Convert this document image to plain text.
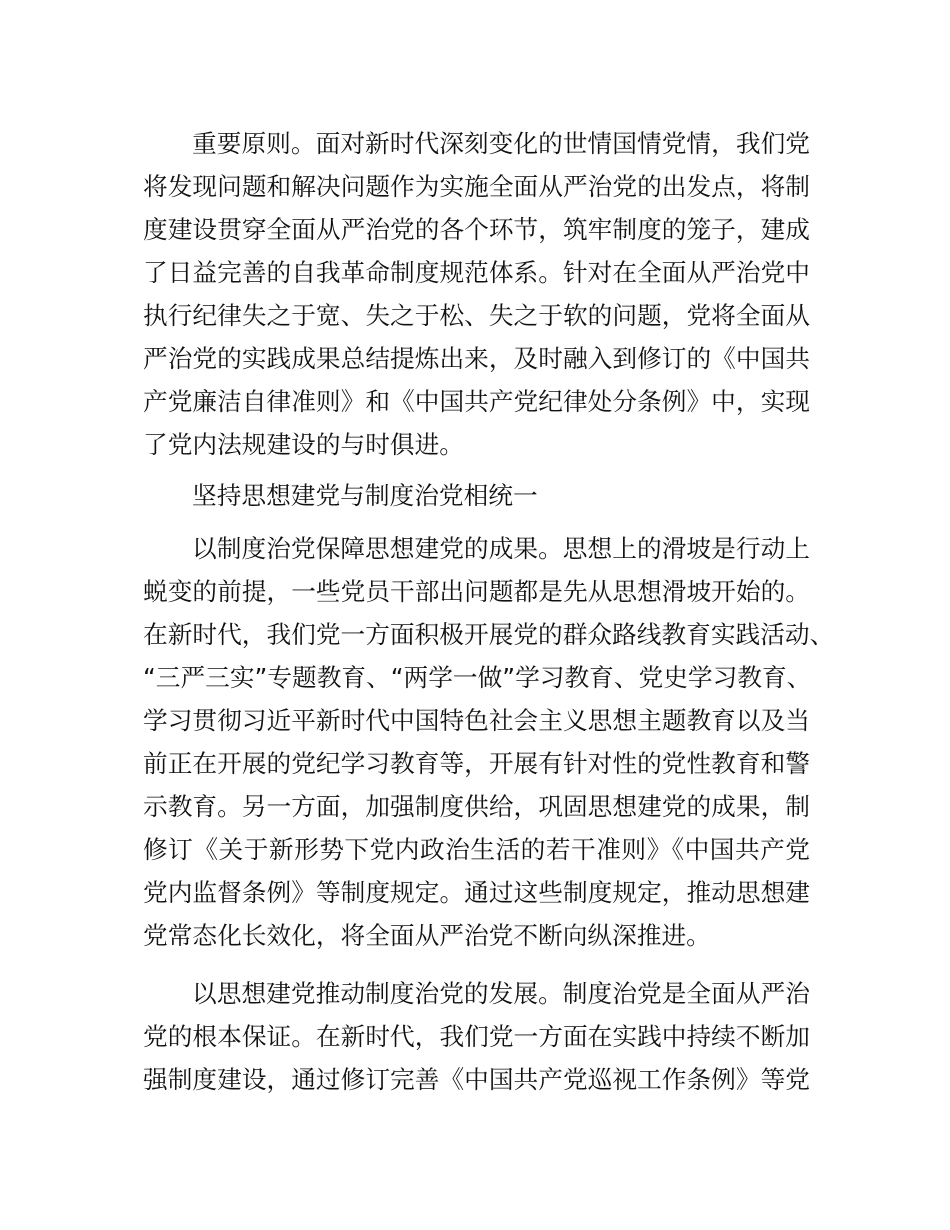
重要原则。面对新时代深刻变化的世情国情党情，我们党
将发现问题和解决问题作为实施全面从严治党的出发点，将制
度建设贯穿全面从严治党的各个环节，筑牢制度的笼子，建成
了日益完善的自我革命制度规范体系。针对在全面从严治党中
执行纪律失之于宽、失之于松、失之于软的问题，党将全面从
严治党的实践成果总结提炼出来，及时融入到修订的《中国共
产党廉洁自律准则》和《中国共产党纪律处分条例》中，实现
了党内法规建设的与时俱进。
坚持思想建党与制度治党相统一
以制度治党保障思想建党的成果。思想上的滑坡是行动上
蜕变的前提，一些党员干部出问题都是先从思想滑坡开始的。
在新时代，我们党一方面积极开展党的群众路线教育实践活动、
“三严三实”专题教育、“两学一做”学习教育、党史学习教育、
学习贯彻习近平新时代中国特色社会主义思想主题教育以及当
前正在开展的党纪学习教育等，开展有针对性的党性教育和警
示教育。另一方面，加强制度供给，巩固思想建党的成果，制
修订《关于新形势下党内政治生活的若干准则》《中国共产党
党内监督条例》等制度规定。通过这些制度规定，推动思想建
党常态化长效化，将全面从严治党不断向纵深推进。
以思想建党推动制度治党的发展。制度治党是全面从严治
党的根本保证。在新时代，我们党一方面在实践中持续不断加
强制度建设，通过修订完善《中国共产党巡视工作条例》等党
